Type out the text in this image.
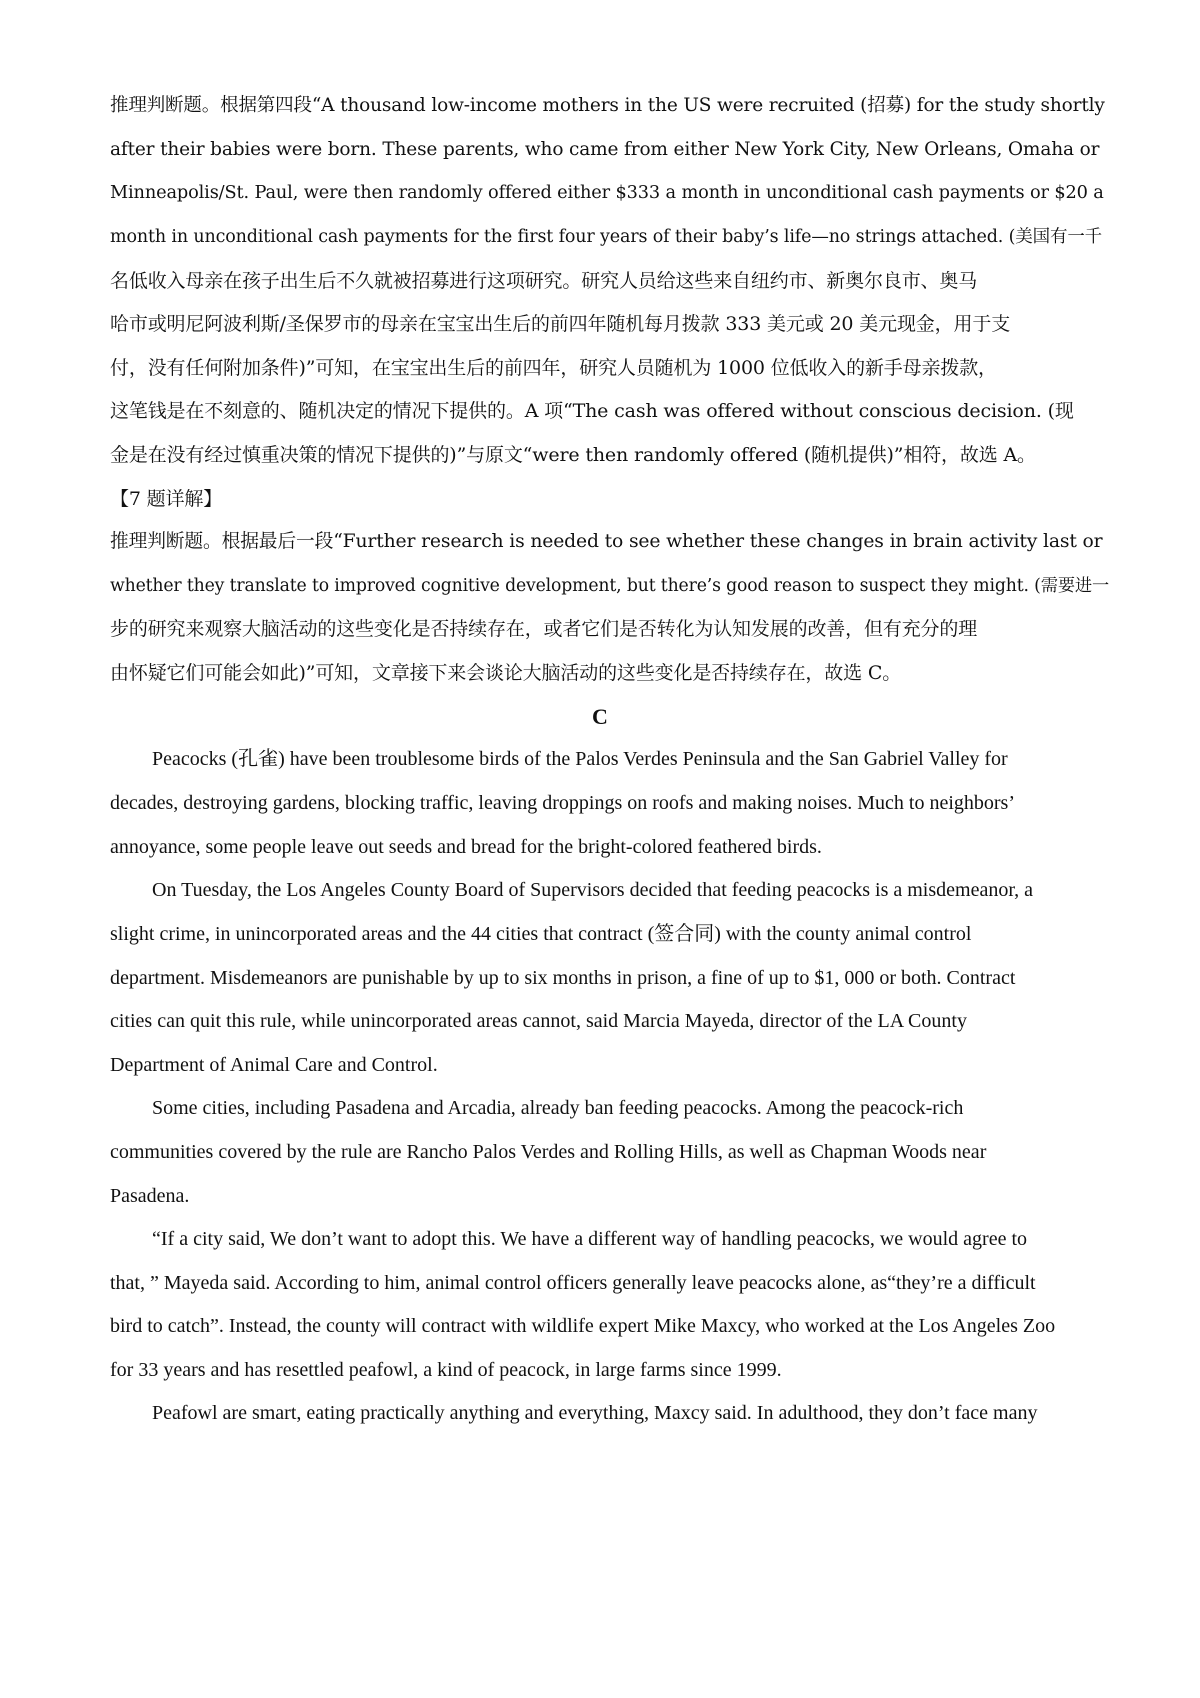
推理判断题。根据第四段“A thousand low-income mothers in the US were recruited (招募) for the study shortly
after their babies were born. These parents, who came from either New York City, New Orleans, Omaha or
Minneapolis/St. Paul, were then randomly offered either $333 a month in unconditional cash payments or $20 a
month in unconditional cash payments for the first four years of their baby’s life—no strings attached. (美国有一千
名低收入母亲在孩子出生后不久就被招募进行这项研究。研究人员给这些来自纽约市、新奥尔良市、奥马
哈市或明尼阿波利斯/圣保罗市的母亲在宝宝出生后的前四年随机每月拨款 333 美元或 20 美元现金，用于支
付，没有任何附加条件)”可知，在宝宝出生后的前四年，研究人员随机为 1000 位低收入的新手母亲拨款，
这笔钱是在不刻意的、随机决定的情况下提供的。A 项“The cash was offered without conscious decision. (现
金是在没有经过慎重决策的情况下提供的)”与原文“were then randomly offered (随机提供)”相符，故选 A。
【7 题详解】
推理判断题。根据最后一段“Further research is needed to see whether these changes in brain activity last or
whether they translate to improved cognitive development, but there’s good reason to suspect they might. (需要进一
步的研究来观察大脑活动的这些变化是否持续存在，或者它们是否转化为认知发展的改善，但有充分的理
由怀疑它们可能会如此)”可知，文章接下来会谈论大脑活动的这些变化是否持续存在，故选 C。
C
Peacocks (孔雀) have been troublesome birds of the Palos Verdes Peninsula and the San Gabriel Valley for
decades, destroying gardens, blocking traffic, leaving droppings on roofs and making noises. Much to neighbors’
annoyance, some people leave out seeds and bread for the bright-colored feathered birds.
On Tuesday, the Los Angeles County Board of Supervisors decided that feeding peacocks is a misdemeanor, a
slight crime, in unincorporated areas and the 44 cities that contract (签合同) with the county animal control
department. Misdemeanors are punishable by up to six months in prison, a fine of up to $1, 000 or both. Contract
cities can quit this rule, while unincorporated areas cannot, said Marcia Mayeda, director of the LA County
Department of Animal Care and Control.
Some cities, including Pasadena and Arcadia, already ban feeding peacocks. Among the peacock-rich
communities covered by the rule are Rancho Palos Verdes and Rolling Hills, as well as Chapman Woods near
Pasadena.
“If a city said, We don’t want to adopt this. We have a different way of handling peacocks, we would agree to
that, ” Mayeda said. According to him, animal control officers generally leave peacocks alone, as“they’re a difficult
bird to catch”. Instead, the county will contract with wildlife expert Mike Maxcy, who worked at the Los Angeles Zoo
for 33 years and has resettled peafowl, a kind of peacock, in large farms since 1999.
Peafowl are smart, eating practically anything and everything, Maxcy said. In adulthood, they don’t face many
